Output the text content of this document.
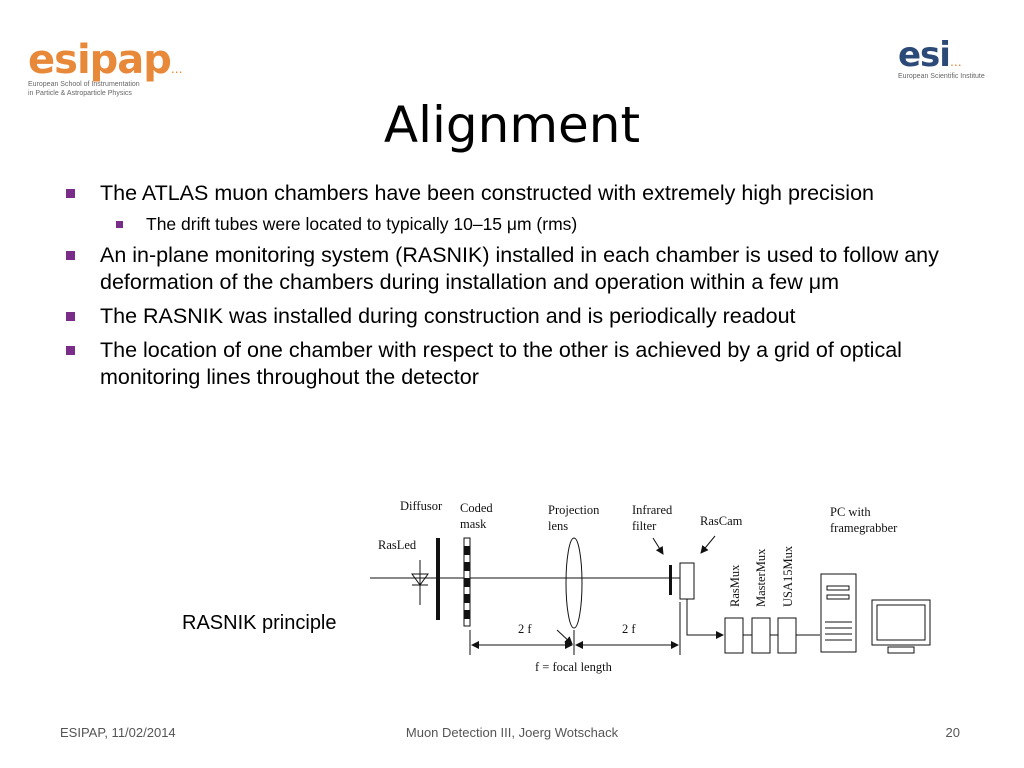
esipap...
European School of Instrumentation
in Particle & Astroparticle Physics
esi...
European Scientific Institute
Alignment
The ATLAS muon chambers have been constructed with extremely high precision
The drift tubes were located to typically 10–15 μm (rms)
An in-plane monitoring system (RASNIK) installed in each chamber is used to follow any deformation of the chambers during installation and operation within a few μm
The RASNIK was installed during construction and is periodically readout
The location of one chamber with respect to the other is achieved by a grid of optical monitoring lines throughout the detector
RASNIK principle
Diffusor
RasLed
Coded
mask
Projection
lens
Infrared
filter	RasCam
PC with
framegrabber
RasMux MasterMux USA15Mux
2 f	2 f
f = focal length
ESIPAP, 11/02/2014	Muon Detection III, Joerg Wotschack	20
